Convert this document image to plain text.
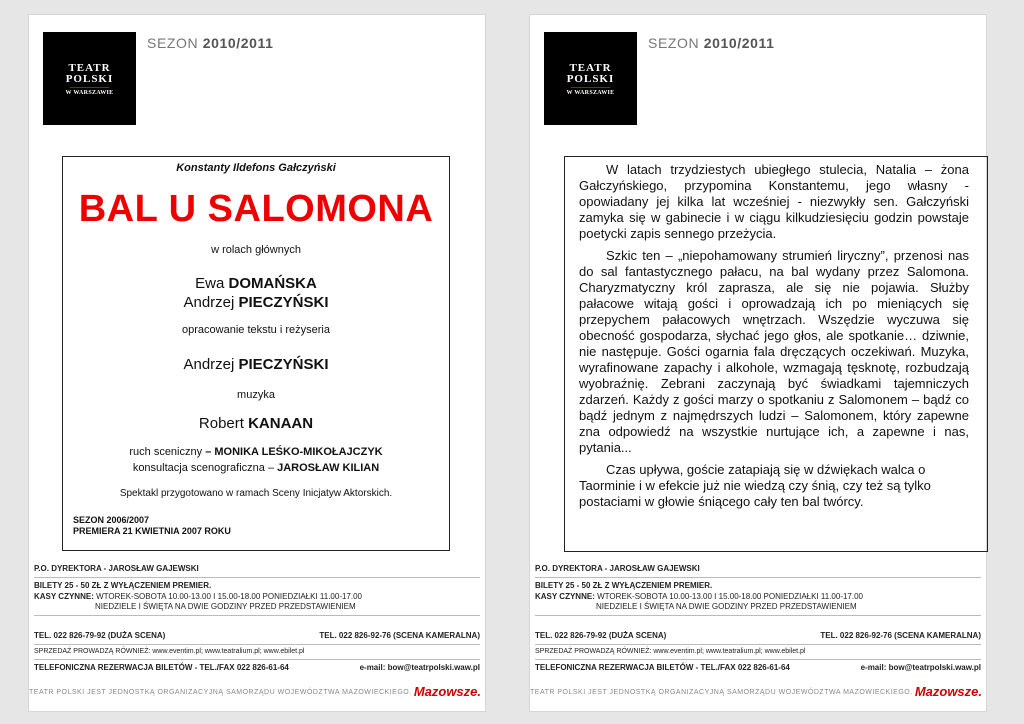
TEATR
POLSKI
W WARSZAWIE
SEZON 2010/2011
Konstanty Ildefons Gałczyński
BAL U SALOMONA
w rolach głównych
Ewa DOMAŃSKA
Andrzej PIECZYŃSKI
opracowanie tekstu i reżyseria
Andrzej PIECZYŃSKI
muzyka
Robert KANAAN
ruch sceniczny – MONIKA LEŚKO-MIKOŁAJCZYK
konsultacja scenograficzna – JAROSŁAW KILIAN
Spektakl przygotowano w ramach Sceny Inicjatyw Aktorskich.
SEZON 2006/2007
PREMIERA 21 KWIETNIA 2007 ROKU
P.O. DYREKTORA - JAROSŁAW GAJEWSKI
BILETY 25 - 50 ZŁ Z WYŁĄCZENIEM PREMIER.
KASY CZYNNE: WTOREK-SOBOTA 10.00-13.00 I 15.00-18.00 PONIEDZIAŁKI 11.00-17.00
NIEDZIELE I ŚWIĘTA NA DWIE GODZINY PRZED PRZEDSTAWIENIEM
TEL. 022 826-79-92 (DUŻA SCENA)	TEL. 022 826-92-76 (SCENA KAMERALNA)
SPRZEDAŻ PROWADZĄ RÓWNIEŻ: www.eventim.pl; www.teatralium.pl; www.ebilet.pl
TELEFONICZNA REZERWACJA BILETÓW - TEL./FAX 022 826-61-64	e-mail: bow@teatrpolski.waw.pl
TEATR POLSKI JEST JEDNOSTKĄ ORGANIZACYJNĄ SAMORZĄDU WOJEWÓDZTWA MAZOWIECKIEGO. Mazowsze.
TEATR
POLSKI
W WARSZAWIE
SEZON 2010/2011

W latach trzydziestych ubiegłego stulecia, Natalia – żona Gałczyńskiego, przypomina Konstantemu, jego własny - opowiadany jej kilka lat wcześniej - niezwykły sen. Gałczyński zamyka się w gabinecie i w ciągu kilkudziesięciu godzin powstaje poetycki zapis sennego przeżycia.

Szkic ten – „niepohamowany strumień liryczny”, przenosi nas do sal fantastycznego pałacu, na bal wydany przez Salomona. Charyzmatyczny król zaprasza, ale się nie pojawia. Służby pałacowe witają gości i oprowadzają ich po mieniących się przepychem pałacowych wnętrzach. Wszędzie wyczuwa się obecność gospodarza, słychać jego głos, ale spotkanie… dziwnie, nie następuje. Gości ogarnia fala dręczących oczekiwań. Muzyka, wyrafinowane zapachy i alkohole, wzmagają tęsknotę, rozbudzają wyobraźnię. Zebrani zaczynają być świadkami tajemniczych zdarzeń. Każdy z gości marzy o spotkaniu z Salomonem – bądź co bądź jednym z najmędrszych ludzi – Salomonem, który zapewne zna odpowiedź na wszystkie nurtujące ich, a zapewne i nas, pytania...

Czas upływa, goście zatapiają się w dźwiękach walca o Taorminie i w efekcie już nie wiedzą czy śnią, czy też są tylko postaciami w głowie śniącego cały ten bal twórcy.

P.O. DYREKTORA - JAROSŁAW GAJEWSKI
BILETY 25 - 50 ZŁ Z WYŁĄCZENIEM PREMIER.
KASY CZYNNE: WTOREK-SOBOTA 10.00-13.00 I 15.00-18.00 PONIEDZIAŁKI 11.00-17.00
NIEDZIELE I ŚWIĘTA NA DWIE GODZINY PRZED PRZEDSTAWIENIEM
TEL. 022 826-79-92 (DUŻA SCENA)	TEL. 022 826-92-76 (SCENA KAMERALNA)
SPRZEDAŻ PROWADZĄ RÓWNIEŻ: www.eventim.pl; www.teatralium.pl; www.ebilet.pl
TELEFONICZNA REZERWACJA BILETÓW - TEL./FAX 022 826-61-64	e-mail: bow@teatrpolski.waw.pl
TEATR POLSKI JEST JEDNOSTKĄ ORGANIZACYJNĄ SAMORZĄDU WOJEWÓDZTWA MAZOWIECKIEGO. Mazowsze.
